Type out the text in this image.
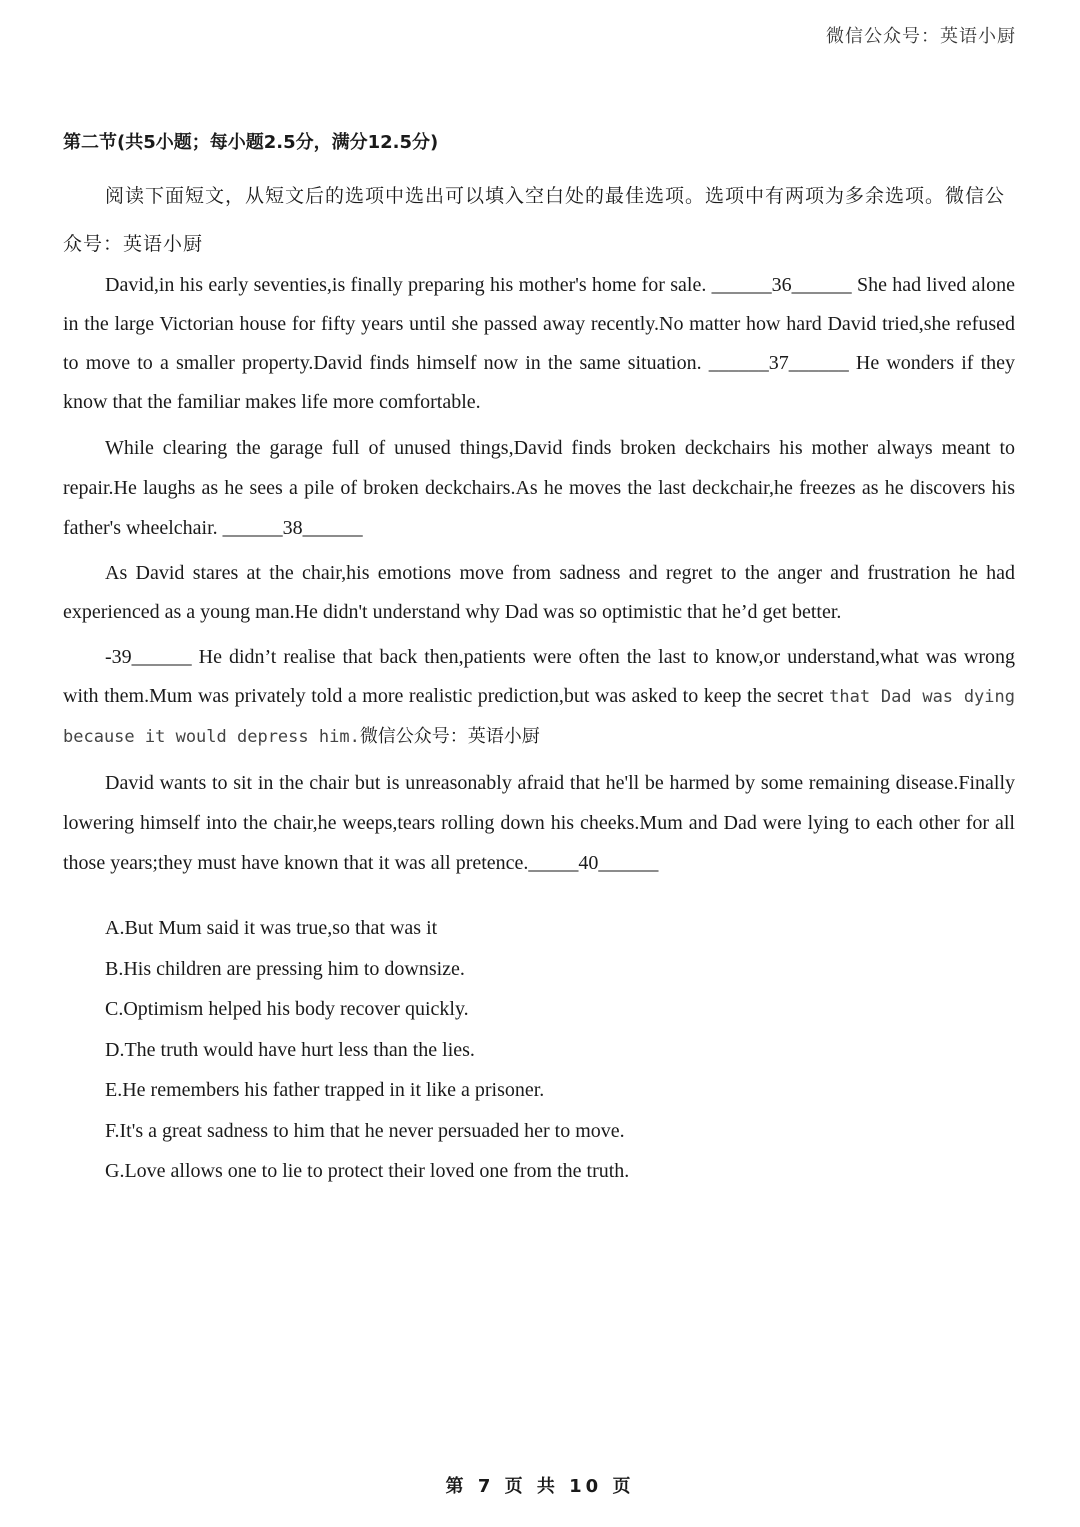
微信公众号：英语小厨
第二节(共5小题；每小题2.5分，满分12.5分)
阅读下面短文，从短文后的选项中选出可以填入空白处的最佳选项。选项中有两项为多余选项。微信公众号：英语小厨

David,in his early seventies,is finally preparing his mother's home for sale. ______36______ She had lived alone in the large Victorian house for fifty years until she passed away recently.No matter how hard David tried,she refused to move to a smaller property.David finds himself now in the same situation. ______37______ He wonders if they know that the familiar makes life more comfortable.

While clearing the garage full of unused things,David finds broken deckchairs his mother always meant to repair.He laughs as he sees a pile of broken deckchairs.As he moves the last deckchair,he freezes as he discovers his father's wheelchair. ______38______

As David stares at the chair,his emotions move from sadness and regret to the anger and frustration he had experienced as a young man.He didn't understand why Dad was so optimistic that he’d get better.

-39______ He didn’t realise that back then,patients were often the last to know,or understand,what was wrong with them.Mum was privately told a more realistic prediction,but was asked to keep the secret that Dad was dying because it would depress him.微信公众号：英语小厨

David wants to sit in the chair but is unreasonably afraid that he'll be harmed by some remaining disease.Finally lowering himself into the chair,he weeps,tears rolling down his cheeks.Mum and Dad were lying to each other for all those years;they must have known that it was all pretence._____40______

A.But Mum said it was true,so that was it
B.His children are pressing him to downsize.
C.Optimism helped his body recover quickly.
D.The truth would have hurt less than the lies.
E.He remembers his father trapped in it like a prisoner.
F.It's a great sadness to him that he never persuaded her to move.
G.Love allows one to lie to protect their loved one from the truth.
第 7 页 共 10 页
